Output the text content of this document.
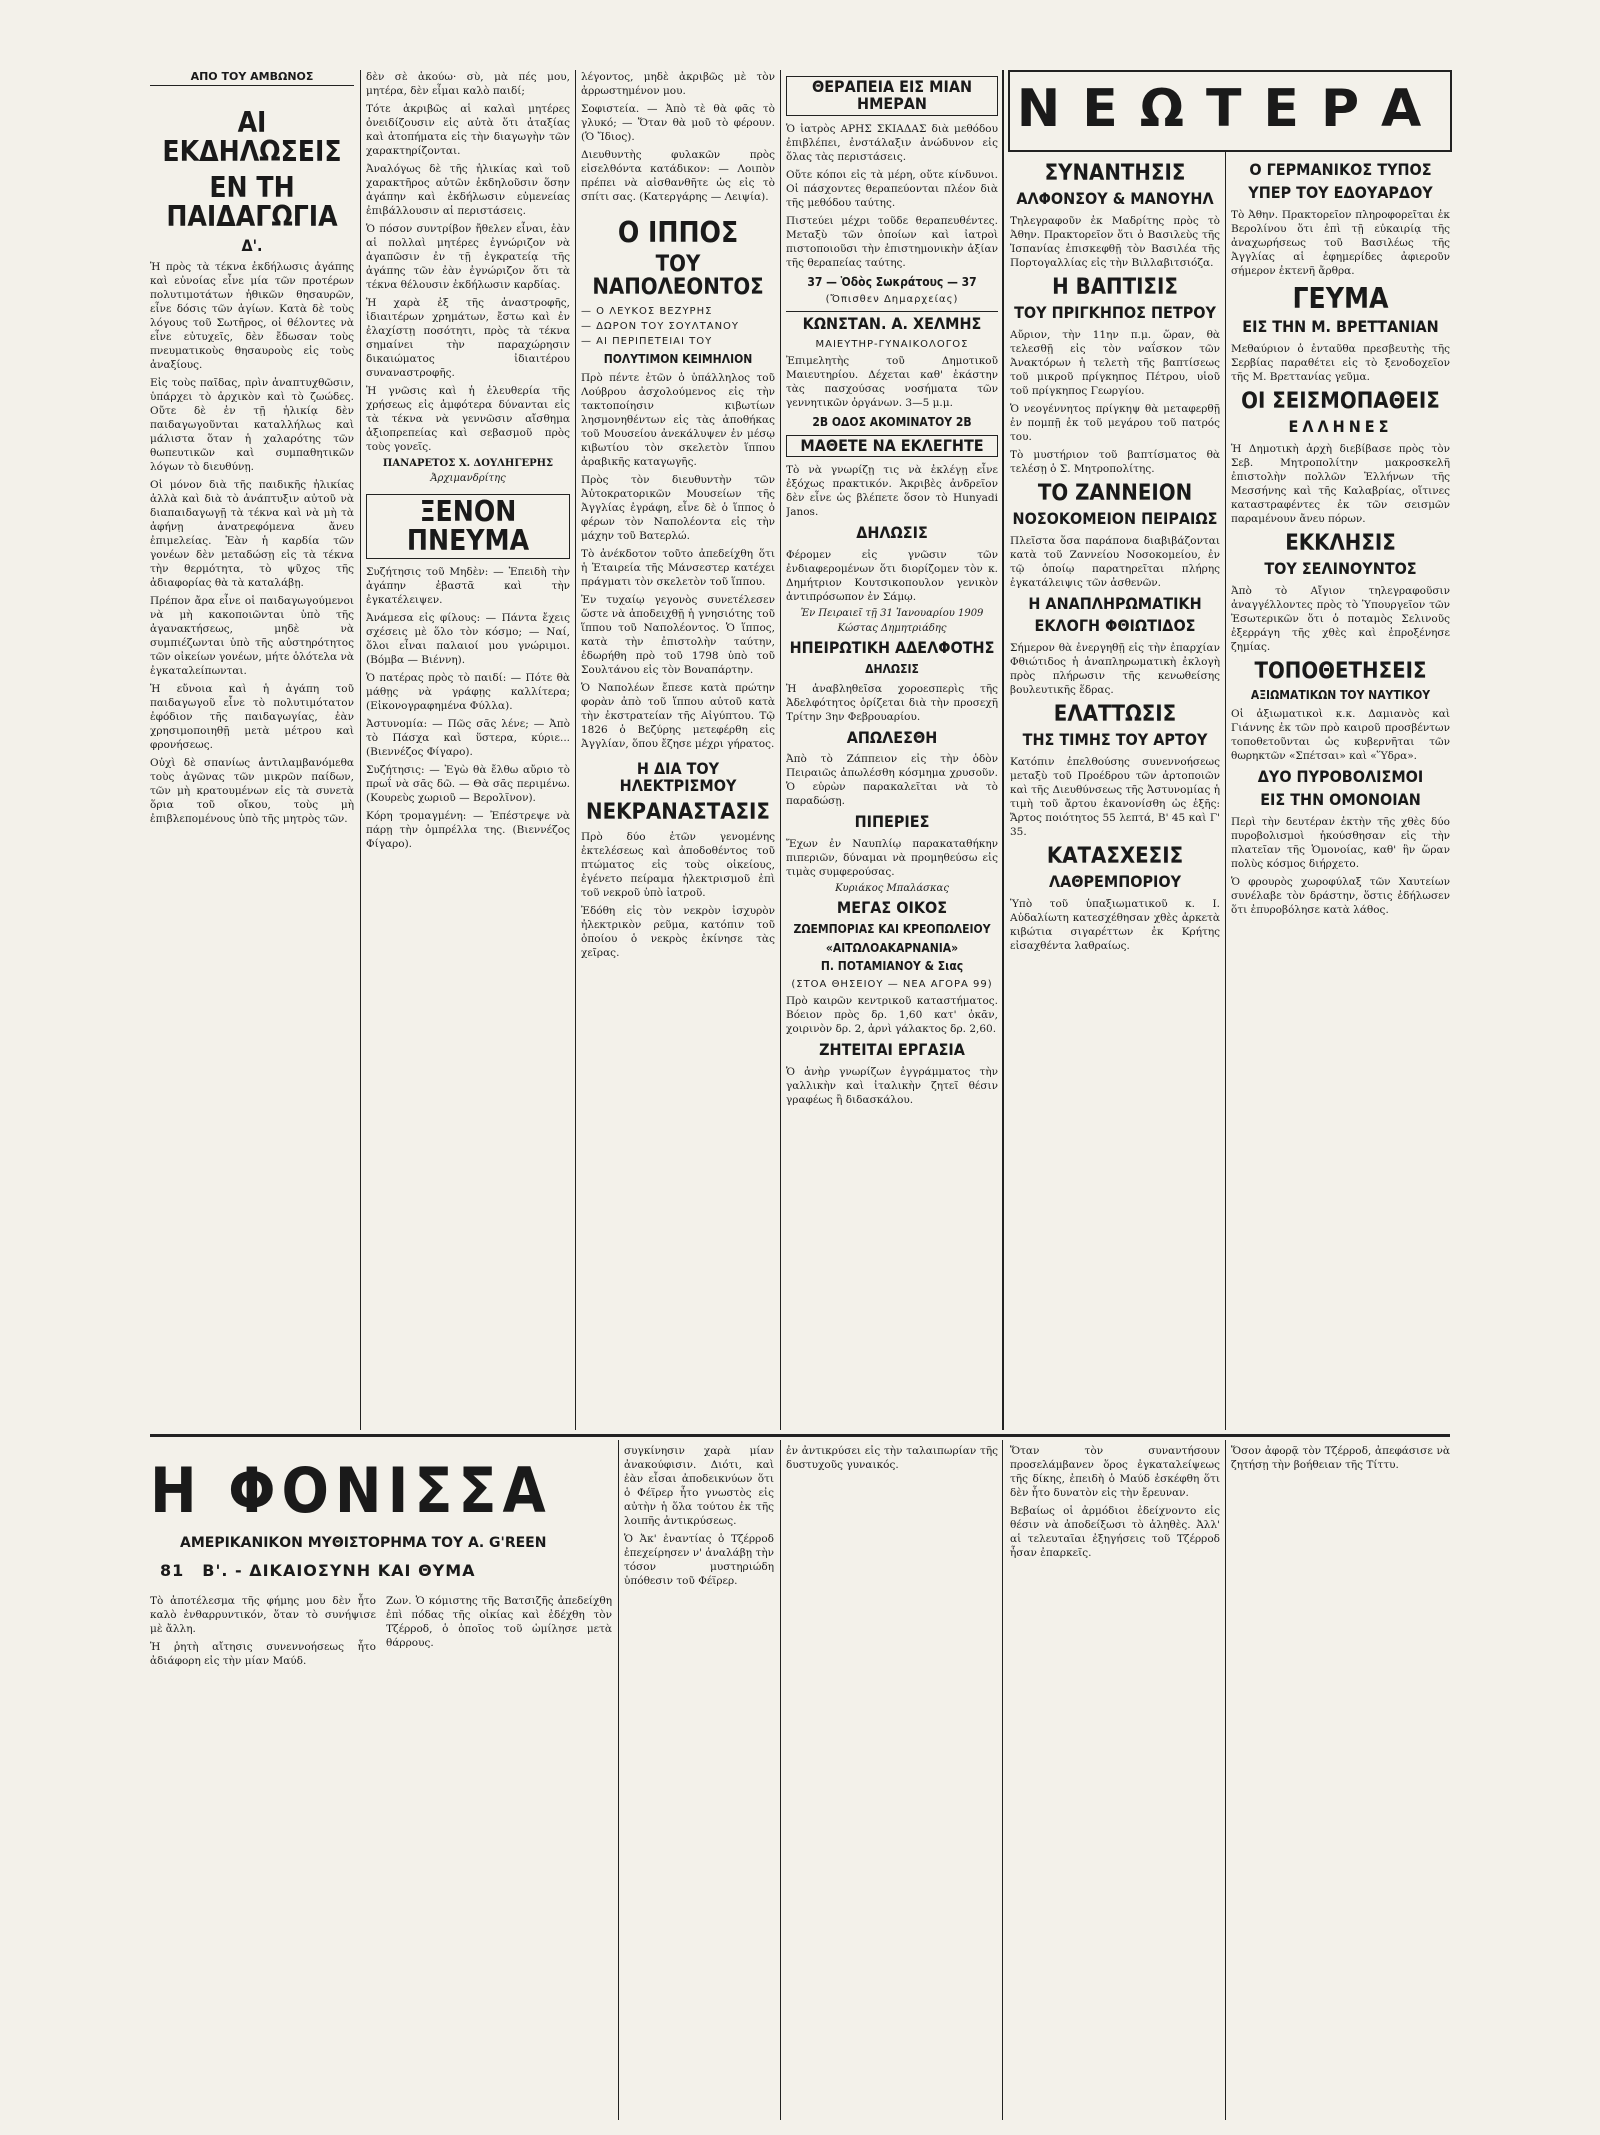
ΑΠΟ ΤΟΥ ΑΜΒΩΝΟΣ
ΑΙ ΕΚΔΗΛΩΣΕΙΣ
ΕΝ ΤΗ ΠΑΙΔΑΓΩΓΙΑ
Δ'.

Ἡ πρὸς τὰ τέκνα ἐκδήλωσις ἀγάπης καὶ εὐνοίας εἶνε μία τῶν προτέρων πολυτιμοτάτων ἠθικῶν θησαυρῶν, εἶνε δόσις τῶν ἀγίων. Κατὰ δὲ τοὺς λόγους τοῦ Σωτῆρος, οἱ θέλοντες νὰ εἶνε εὐτυχεῖς, δὲν ἔδωσαν τοὺς πνευματικοὺς θησαυροὺς εἰς τοὺς ἀναξίους.

Εἰς τοὺς παῖδας, πρὶν ἀναπτυχθῶσιν, ὑπάρχει τὸ ἀρχικὸν καὶ τὸ ζωώδες. Οὔτε δὲ ἐν τῇ ἡλικίᾳ δὲν παιδαγωγοῦνται καταλλήλως καὶ μάλιστα ὅταν ἡ χαλαρότης τῶν θωπευτικῶν καὶ συμπαθητικῶν λόγων τὸ διευθύνῃ.

Οἱ μόνον διὰ τῆς παιδικῆς ἡλικίας ἀλλὰ καὶ διὰ τὸ ἀνάπτυξιν αὐτοῦ νὰ διαπαιδαγωγῇ τὰ τέκνα καὶ νὰ μὴ τὰ ἀφήνῃ ἀνατρεφόμενα ἄνευ ἐπιμελείας. Ἐὰν ἡ καρδία τῶν γονέων δὲν μεταδώσῃ εἰς τὰ τέκνα τὴν θερμότητα, τὸ ψῦχος τῆς ἀδιαφορίας θὰ τὰ καταλάβῃ.

Πρέπον ἄρα εἶνε οἱ παιδαγωγούμενοι νὰ μὴ κακοποιῶνται ὑπὸ τῆς ἀγανακτήσεως, μηδὲ νὰ συμπιέζωνται ὑπὸ τῆς αὐστηρότητος τῶν οἰκείων γονέων, μήτε ὁλότελα νὰ ἐγκαταλείπωνται.

Ἡ εὔνοια καὶ ἡ ἀγάπη τοῦ παιδαγωγοῦ εἶνε τὸ πολυτιμότατον ἐφόδιον τῆς παιδαγωγίας, ἐὰν χρησιμοποιηθῇ μετὰ μέτρου καὶ φρονήσεως.

Οὐχὶ δὲ σπανίως ἀντιλαμβανόμεθα τοὺς ἀγῶνας τῶν μικρῶν παίδων, τῶν μὴ κρατουμένων εἰς τὰ συνετὰ ὅρια τοῦ οἴκου, τοὺς μὴ ἐπιβλεπομένους ὑπὸ τῆς μητρὸς τῶν.

δὲν σὲ ἀκούω· σὺ, μὰ πές μου, μητέρα, δὲν εἶμαι καλὸ παιδί;

Τότε ἀκριβῶς αἱ καλαὶ μητέρες ὀνειδίζουσιν εἰς αὐτὰ ὅτι ἀταξίας καὶ ἀτοπήματα εἰς τὴν διαγωγὴν τῶν χαρακτηρίζονται.

Ἀναλόγως δὲ τῆς ἡλικίας καὶ τοῦ χαρακτῆρος αὐτῶν ἐκδηλοῦσιν ὅσην ἀγάπην καὶ ἐκδήλωσιν εὐμενείας ἐπιβάλλουσιν αἱ περιστάσεις.

Ὁ πόσον συντρίβον ἤθελεν εἶναι, ἐὰν αἱ πολλαὶ μητέρες ἐγνώριζον νὰ ἀγαπῶσιν ἐν τῇ ἐγκρατείᾳ τῆς ἀγάπης τῶν ἐὰν ἐγνώριζον ὅτι τὰ τέκνα θέλουσιν ἐκδήλωσιν καρδίας.

Ἡ χαρὰ ἐξ τῆς ἀναστροφῆς, ἰδιαιτέρων χρημάτων, ἔστω καὶ ἐν ἐλαχίστῃ ποσότητι, πρὸς τὰ τέκνα σημαίνει τὴν παραχώρησιν δικαιώματος ἰδιαιτέρου συναναστροφῆς.

Ἡ γνῶσις καὶ ἡ ἐλευθερία τῆς χρήσεως εἰς ἀμφότερα δύνανται εἰς τὰ τέκνα νὰ γεννῶσιν αἴσθημα ἀξιοπρεπείας καὶ σεβασμοῦ πρὸς τοὺς γονεῖς.

ΠΑΝΑΡΕΤΟΣ Χ. ΔΟΥΛΗΓΕΡΗΣ
Ἀρχιμανδρίτης
ΞΕΝΟΝ ΠΝΕΥΜΑ

Συζήτησις τοῦ Μηδὲν: — Ἐπειδὴ τὴν ἀγάπην ἐβαστᾶ καὶ τὴν ἐγκατέλειψεν.

Ἀνάμεσα εἰς φίλους: — Πάντα ἔχεις σχέσεις μὲ ὅλο τὸν κόσμο; — Ναί, ὅλοι εἶναι παλαιοί μου γνώριμοι. (Βόμβα — Βιέννη).

Ὁ πατέρας πρὸς τὸ παιδί: — Πότε θὰ μάθῃς νὰ γράφῃς καλλίτερα; (Εἰκονογραφημένα Φύλλα).

Ἀστυνομία: — Πῶς σᾶς λένε; — Ἀπὸ τὸ Πάσχα καὶ ὕστερα, κύριε... (Βιεννέζος Φίγαρο).

Συζήτησις: — Ἐγὼ θὰ ἔλθω αὔριο τὸ πρωΐ νὰ σᾶς δῶ. — Θὰ σᾶς περιμένω. (Κουρεὺς χωριοῦ — Βερολῖνον).

Κόρη τρομαγμένη: — Ἐπέστρεψε νὰ πάρῃ τὴν ὀμπρέλλα της. (Βιεννέζος Φίγαρο).

λέγοντος, μηδὲ ἀκριβῶς μὲ τὸν ἀρρωστημένον μου.

Σοφιστεία. — Ἀπὸ τὲ θὰ φᾶς τὸ γλυκό; — Ὅταν θὰ μοῦ τὸ φέρουν. (Ὁ Ἴδιος).

Διευθυντὴς φυλακῶν πρὸς εἰσελθόντα κατάδικον: — Λοιπὸν πρέπει νὰ αἰσθανθῆτε ὡς εἰς τὸ σπίτι σας. (Κατεργάρης — Λειψία).

Ο ΙΠΠΟΣ
ΤΟΥ ΝΑΠΟΛΕΟΝΤΟΣ
— Ο ΛΕΥΚΟΣ ΒΕΖΥΡΗΣ
— ΔΩΡΟΝ ΤΟΥ ΣΟΥΛΤΑΝΟΥ
— ΑΙ ΠΕΡΙΠΕΤΕΙΑΙ ΤΟΥ
ΠΟΛΥΤΙΜΟΝ ΚΕΙΜΗΛΙΟΝ

Πρὸ πέντε ἐτῶν ὁ ὑπάλληλος τοῦ Λούβρου ἀσχολούμενος εἰς τὴν τακτοποίησιν κιβωτίων λησμονηθέντων εἰς τὰς ἀποθήκας τοῦ Μουσείου ἀνεκάλυψεν ἐν μέσῳ κιβωτίου τὸν σκελετὸν ἵππου ἀραβικῆς καταγωγῆς.

Πρὸς τὸν διευθυντὴν τῶν Ἀὐτοκρατορικῶν Μουσείων τῆς Ἀγγλίας ἐγράφη, εἶνε δὲ ὁ ἵππος ὁ φέρων τὸν Ναπολέοντα εἰς τὴν μάχην τοῦ Βατερλώ.

Τὸ ἀνέκδοτον τοῦτο ἀπεδείχθη ὅτι ἡ Ἑταιρεία τῆς Μάνσεστερ κατέχει πράγματι τὸν σκελετὸν τοῦ ἵππου.

Ἐν τυχαίῳ γεγονὸς συνετέλεσεν ὥστε νὰ ἀποδειχθῇ ἡ γνησιότης τοῦ ἵππου τοῦ Ναπολέοντος. Ὁ ἵππος, κατὰ τὴν ἐπιστολὴν ταύτην, ἐδωρήθη πρὸ τοῦ 1798 ὑπὸ τοῦ Σουλτάνου εἰς τὸν Βοναπάρτην.

Ὁ Ναπολέων ἔπεσε κατὰ πρώτην φορὰν ἀπὸ τοῦ ἵππου αὐτοῦ κατὰ τὴν ἐκστρατείαν τῆς Αἰγύπτου. Τῷ 1826 ὁ Βεζύρης μετεφέρθη εἰς Ἀγγλίαν, ὅπου ἔζησε μέχρι γήρατος.

Η ΔΙΑ ΤΟΥ ΗΛΕΚΤΡΙΣΜΟΥ
ΝΕΚΡΑΝΑΣΤΑΣΙΣ

Πρὸ δύο ἐτῶν γενομένης ἐκτελέσεως καὶ ἀποδοθέντος τοῦ πτώματος εἰς τοὺς οἰκείους, ἐγένετο πείραμα ἠλεκτρισμοῦ ἐπὶ τοῦ νεκροῦ ὑπὸ ἰατροῦ.

Ἐδόθη εἰς τὸν νεκρὸν ἰσχυρὸν ἠλεκτρικὸν ρεῦμα, κατόπιν τοῦ ὁποίου ὁ νεκρὸς ἐκίνησε τὰς χεῖρας.

ΘΕΡΑΠΕΙΑ ΕΙΣ ΜΙΑΝ ΗΜΕΡΑΝ

Ὁ ἰατρὸς ΑΡΗΣ ΣΚΙΑΔΑΣ διὰ μεθόδου ἐπιβλέπει, ἐνστάλαξιν ἀνώδυνον εἰς ὅλας τὰς περιστάσεις.

Οὔτε κόποι εἰς τὰ μέρη, οὔτε κίνδυνοι. Οἱ πάσχοντες θεραπεύονται πλέον διὰ τῆς μεθόδου ταύτης.

Πιστεύει μέχρι τοῦδε θεραπευθέντες. Μεταξὺ τῶν ὁποίων καὶ ἰατροὶ πιστοποιοῦσι τὴν ἐπιστημονικὴν ἀξίαν τῆς θεραπείας ταύτης.

37 — Ὁδὸς Σωκράτους — 37
(Ὄπισθεν Δημαρχείας)
ΚΩΝΣΤΑΝ. Α. ΧΕΛΜΗΣ
ΜΑΙΕΥΤΗΡ-ΓΥΝΑΙΚΟΛΟΓΟΣ

Ἐπιμελητὴς τοῦ Δημοτικοῦ Μαιευτηρίου. Δέχεται καθ' ἑκάστην τὰς πασχούσας νοσήματα τῶν γεννητικῶν ὀργάνων. 3—5 μ.μ.

2Β ΟΔΟΣ ΑΚΟΜΙΝΑΤΟΥ 2Β
ΜΑΘΕΤΕ ΝΑ ΕΚΛΕΓΗΤΕ

Τὸ νὰ γνωρίζῃ τις νὰ ἐκλέγῃ εἶνε ἐξόχως πρακτικόν. Ἀκριβὲς ἀνδρεῖον δὲν εἶνε ὡς βλέπετε ὅσον τὸ Hunyadi Janos.

ΔΗΛΩΣΙΣ

Φέρομεν εἰς γνῶσιν τῶν ἐνδιαφερομένων ὅτι διορίζομεν τὸν κ. Δημήτριον Κουτσικοπουλον γενικὸν ἀντιπρόσωπον ἐν Σάμῳ.

Ἐν Πειραιεῖ τῇ 31 Ἰανουαρίου 1909
Κώστας Δημητριάδης
ΗΠΕΙΡΩΤΙΚΗ ΑΔΕΛΦΟΤΗΣ
ΔΗΛΩΣΙΣ

Ἡ ἀναβληθεῖσα χοροεσπερὶς τῆς Ἀδελφότητος ὁρίζεται διὰ τὴν προσεχῆ Τρίτην 3ην Φεβρουαρίου.

ΑΠΩΛΕΣΘΗ

Ἀπὸ τὸ Ζάππειον εἰς τὴν ὁδὸν Πειραιῶς ἀπωλέσθη κόσμημα χρυσοῦν. Ὁ εὑρὼν παρακαλεῖται νὰ τὸ παραδώσῃ.

ΠΙΠΕΡΙΕΣ

Ἔχων ἐν Ναυπλίῳ παρακαταθήκην πιπεριῶν, δύναμαι νὰ προμηθεύσω εἰς τιμὰς συμφερούσας.

Κυριάκος Μπαλάσκας
ΜΕΓΑΣ ΟΙΚΟΣ
ΖΩΕΜΠΟΡΙΑΣ ΚΑΙ ΚΡΕΟΠΩΛΕΙΟΥ
«ΑΙΤΩΛΟΑΚΑΡΝΑΝΙΑ»
Π. ΠΟΤΑΜΙΑΝΟΥ & Σιας
(ΣΤΟΑ ΘΗΣΕΙΟΥ — ΝΕΑ ΑΓΟΡΑ 99)

Πρὸ καιρῶν κεντρικοῦ καταστήματος. Βόειον πρὸς δρ. 1,60 κατ' ὀκᾶν, χοιρινὸν δρ. 2, ἀρνὶ γάλακτος δρ. 2,60.

ΖΗΤΕΙΤΑΙ ΕΡΓΑΣΙΑ

Ὁ ἀνὴρ γνωρίζων ἐγγράμματος τὴν γαλλικὴν καὶ ἰταλικὴν ζητεῖ θέσιν γραφέως ἢ διδασκάλου.

ΝΕΩΤΕΡΑ
ΣΥΝΑΝΤΗΣΙΣ
ΑΛΦΟΝΣΟΥ & ΜΑΝΟΥΗΛ

Τηλεγραφοῦν ἐκ Μαδρίτης πρὸς τὸ Ἀθην. Πρακτορεῖον ὅτι ὁ Βασιλεὺς τῆς Ἱσπανίας ἐπισκεφθῇ τὸν Βασιλέα τῆς Πορτογαλλίας εἰς τὴν Βιλλαβιτσιόζα.

Η ΒΑΠΤΙΣΙΣ
ΤΟΥ ΠΡΙΓΚΗΠΟΣ ΠΕΤΡΟΥ

Αὔριον, τὴν 11ην π.μ. ὥραν, θὰ τελεσθῇ εἰς τὸν ναΐσκον τῶν Ἀνακτόρων ἡ τελετὴ τῆς βαπτίσεως τοῦ μικροῦ πρίγκηπος Πέτρου, υἱοῦ τοῦ πρίγκηπος Γεωργίου.

Ὁ νεογέννητος πρίγκηψ θὰ μεταφερθῇ ἐν πομπῇ ἐκ τοῦ μεγάρου τοῦ πατρός του.

Τὸ μυστήριον τοῦ βαπτίσματος θὰ τελέσῃ ὁ Σ. Μητροπολίτης.

ΤΟ ΖΑΝΝΕΙΟΝ
ΝΟΣΟΚΟΜΕΙΟΝ ΠΕΙΡΑΙΩΣ

Πλεῖστα ὅσα παράπονα διαβιβάζονται κατὰ τοῦ Ζαννείου Νοσοκομείου, ἐν τῷ ὁποίῳ παρατηρεῖται πλήρης ἐγκατάλειψις τῶν ἀσθενῶν.

Η ΑΝΑΠΛΗΡΩΜΑΤΙΚΗ
ΕΚΛΟΓΗ ΦΘΙΩΤΙΔΟΣ

Σήμερον θὰ ἐνεργηθῇ εἰς τὴν ἐπαρχίαν Φθιώτιδος ἡ ἀναπληρωματικὴ ἐκλογὴ πρὸς πλήρωσιν τῆς κενωθείσης βουλευτικῆς ἕδρας.

ΕΛΑΤΤΩΣΙΣ
ΤΗΣ ΤΙΜΗΣ ΤΟΥ ΑΡΤΟΥ

Κατόπιν ἐπελθούσης συνεννοήσεως μεταξὺ τοῦ Προέδρου τῶν ἀρτοποιῶν καὶ τῆς Διευθύνσεως τῆς Ἀστυνομίας ἡ τιμὴ τοῦ ἄρτου ἐκανονίσθη ὡς ἑξῆς: Ἄρτος ποιότητος 55 λεπτά, Β' 45 καὶ Γ' 35.

ΚΑΤΑΣΧΕΣΙΣ
ΛΑΘΡΕΜΠΟΡΙΟΥ

Ὑπὸ τοῦ ὑπαξιωματικοῦ κ. Ι. Αὐδαλίωτη κατεσχέθησαν χθὲς ἀρκετὰ κιβώτια σιγαρέττων ἐκ Κρήτης εἰσαχθέντα λαθραίως.

Ο ΓΕΡΜΑΝΙΚΟΣ ΤΥΠΟΣ
ΥΠΕΡ ΤΟΥ ΕΔΟΥΑΡΔΟΥ

Τὸ Ἀθην. Πρακτορεῖον πληροφορεῖται ἐκ Βερολίνου ὅτι ἐπὶ τῇ εὐκαιρίᾳ τῆς ἀναχωρήσεως τοῦ Βασιλέως τῆς Ἀγγλίας αἱ ἐφημερίδες ἀφιεροῦν σήμερον ἐκτενῆ ἄρθρα.

ΓΕΥΜΑ
ΕΙΣ ΤΗΝ Μ. ΒΡΕΤΤΑΝΙΑΝ

Μεθαύριον ὁ ἐνταῦθα πρεσβευτὴς τῆς Σερβίας παραθέτει εἰς τὸ ξενοδοχεῖον τῆς Μ. Βρεττανίας γεῦμα.

ΟΙ ΣΕΙΣΜΟΠΑΘΕΙΣ
ΕΛΛΗΝΕΣ

Ἡ Δημοτικὴ ἀρχὴ διεβίβασε πρὸς τὸν Σεβ. Μητροπολίτην μακροσκελῆ ἐπιστολὴν πολλῶν Ἑλλήνων τῆς Μεσσήνης καὶ τῆς Καλαβρίας, οἵτινες καταστραφέντες ἐκ τῶν σεισμῶν παραμένουν ἄνευ πόρων.

ΕΚΚΛΗΣΙΣ
ΤΟΥ ΣΕΛΙΝΟΥΝΤΟΣ

Ἀπὸ τὸ Αἴγιον τηλεγραφοῦσιν ἀναγγέλλοντες πρὸς τὸ Ὑπουργεῖον τῶν Ἐσωτερικῶν ὅτι ὁ ποταμὸς Σελινοῦς ἐξερράγη τῆς χθὲς καὶ ἐπροξένησε ζημίας.

ΤΟΠΟΘΕΤΗΣΕΙΣ
ΑΞΙΩΜΑΤΙΚΩΝ ΤΟΥ ΝΑΥΤΙΚΟΥ

Οἱ ἀξιωματικοὶ κ.κ. Δαμιανὸς καὶ Γιάννης ἐκ τῶν πρὸ καιροῦ προσβέντων τοποθετοῦνται ὡς κυβερνῆται τῶν θωρηκτῶν «Σπέτσαι» καὶ «Ὕδρα».

ΔΥΟ ΠΥΡΟΒΟΛΙΣΜΟΙ
ΕΙΣ ΤΗΝ ΟΜΟΝΟΙΑΝ

Περὶ τὴν δευτέραν ἐκτὴν τῆς χθὲς δύο πυροβολισμοὶ ἠκούσθησαν εἰς τὴν πλατεῖαν τῆς Ὁμονοίας, καθ' ἣν ὥραν πολὺς κόσμος διήρχετο.

Ὁ φρουρὸς χωροφύλαξ τῶν Χαυτείων συνέλαβε τὸν δράστην, ὅστις ἐδήλωσεν ὅτι ἐπυροβόλησε κατὰ λάθος.

Η ΦΟΝΙΣΣΑ
ΑΜΕΡΙΚΑΝΙΚΟΝ ΜΥΘΙΣΤΟΡΗΜΑ ΤΟΥ Α. G'REEN
81 Β'. - ΔΙΚΑΙΟΣΥΝΗ ΚΑΙ ΘΥΜΑ

Τὸ ἀποτέλεσμα τῆς φήμης μου δὲν ἦτο καλὸ ἐνθαρρυντικόν, ὅταν τὸ συνήψισε μὲ ἄλλη.

Ἡ ῥητὴ αἴτησις συνεννοήσεως ἦτο ἀδιάφορη εἰς τὴν μίαν Μαύδ.

Ζων. Ὁ κόμιστης τῆς Βατσιζῆς ἀπεδείχθη ἐπὶ πόδας τῆς οἰκίας καὶ ἐδέχθη τὸν Τζέρροδ, ὁ ὁποῖος τοῦ ὡμίλησε μετὰ θάρρους.

συγκίνησιν χαρὰ μίαν ἀνακούφισιν. Διότι, καὶ ἐὰν εἶσαι ἀποδεικνύων ὅτι ὁ Φέϊρερ ἦτο γνωστὸς εἰς αὐτὴν ἡ ὅλα τούτου ἐκ τῆς λοιπῆς ἀντικρύσεως.

Ὁ Ἀκ' ἐναντίας ὁ Τζέρροδ ἐπεχείρησεν ν' ἀναλάβῃ τὴν τόσον μυστηριώδη ὑπόθεσιν τοῦ Φέϊρερ.

ἐν ἀντικρύσει εἰς τὴν ταλαιπωρίαν τῆς δυστυχοῦς γυναικός.

Ὅταν τὸν συναντήσουν προσελάμβανεν ὅρος ἐγκαταλείψεως τῆς δίκης, ἐπειδὴ ὁ Μαύδ ἐσκέφθη ὅτι δὲν ἦτο δυνατὸν εἰς τὴν ἔρευναν.

Βεβαίως οἱ ἀρμόδιοι ἐδείχνοντο εἰς θέσιν νὰ ἀποδείξωσι τὸ ἀληθὲς. Ἀλλ' αἱ τελευταῖαι ἐξηγήσεις τοῦ Τζέρροδ ἦσαν ἐπαρκεῖς.

Ὅσον ἀφορᾷ τὸν Τζέρροδ, ἀπεφάσισε νὰ ζητήσῃ τὴν βοήθειαν τῆς Τίττυ.
